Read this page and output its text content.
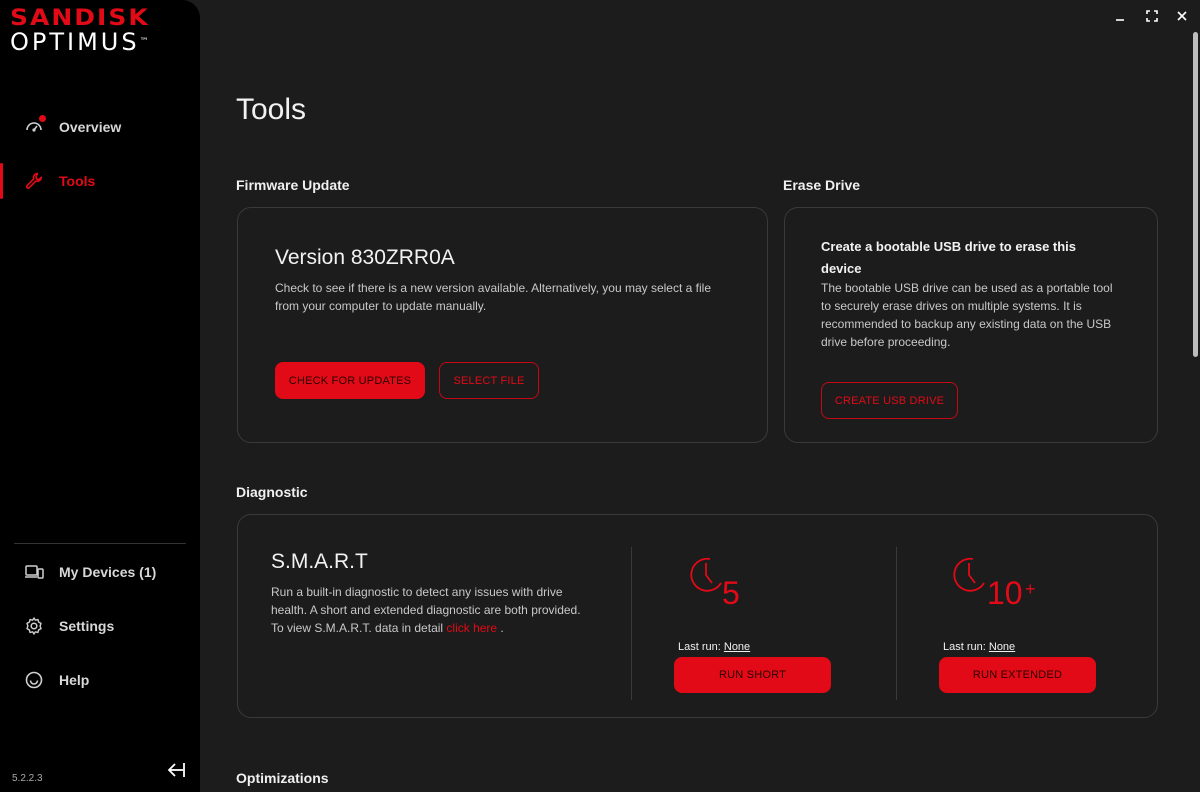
SANDISK
OPTIMUS™
Overview
Tools
My Devices (1)
Settings
Help
5.2.2.3
Tools
Firmware Update
Version 830ZRR0A
Check to see if there is a new version available. Alternatively, you may select a file from your computer to update manually.
CHECK FOR UPDATES	SELECT FILE
Erase Drive
Create a bootable USB drive to erase this device
The bootable USB drive can be used as a portable tool to securely erase drives on multiple systems. It is recommended to backup any existing data on the USB drive before proceeding.
CREATE USB DRIVE
Diagnostic
S.M.A.R.T
Run a built-in diagnostic to detect any issues with drive health. A short and extended diagnostic are both provided. To view S.M.A.R.T. data in detail click here .
5
Last run: None
RUN SHORT
10 +
Last run: None
RUN EXTENDED
Optimizations
